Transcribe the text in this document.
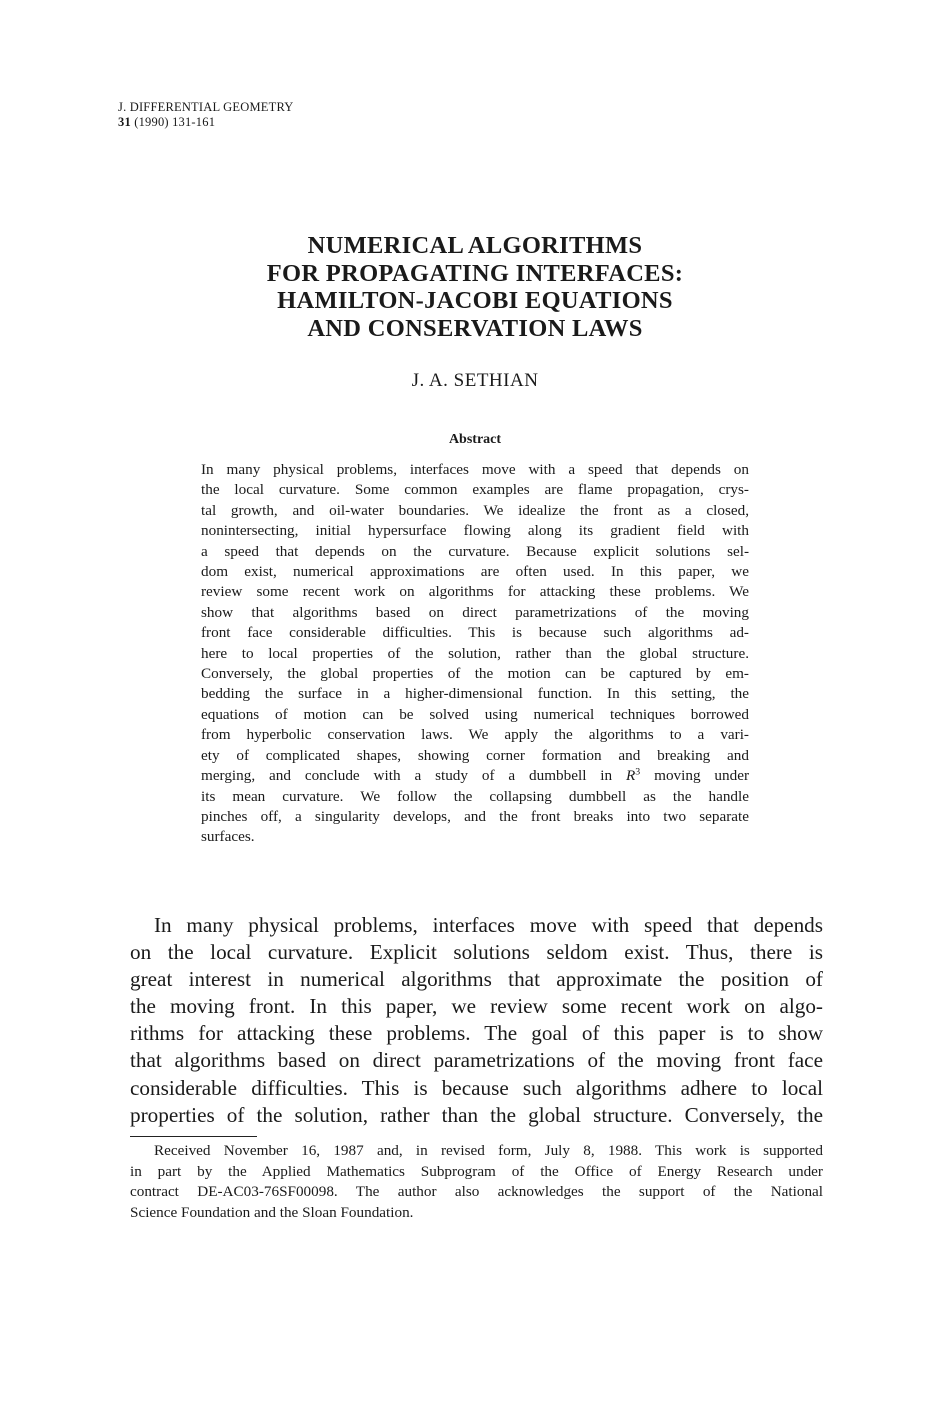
J. DIFFERENTIAL GEOMETRY
31 (1990) 131-161
NUMERICAL ALGORITHMS
FOR PROPAGATING INTERFACES:
HAMILTON-JACOBI EQUATIONS
AND CONSERVATION LAWS
J. A. SETHIAN
Abstract
In many physical problems, interfaces move with a speed that depends on
the local curvature. Some common examples are flame propagation, crys-
tal growth, and oil-water boundaries. We idealize the front as a closed,
nonintersecting, initial hypersurface flowing along its gradient field with
a speed that depends on the curvature. Because explicit solutions sel-
dom exist, numerical approximations are often used. In this paper, we
review some recent work on algorithms for attacking these problems. We
show that algorithms based on direct parametrizations of the moving
front face considerable difficulties. This is because such algorithms ad-
here to local properties of the solution, rather than the global structure.
Conversely, the global properties of the motion can be captured by em-
bedding the surface in a higher-dimensional function. In this setting, the
equations of motion can be solved using numerical techniques borrowed
from hyperbolic conservation laws. We apply the algorithms to a vari-
ety of complicated shapes, showing corner formation and breaking and
merging, and conclude with a study of a dumbbell in $R^3$ moving under
its mean curvature. We follow the collapsing dumbbell as the handle
pinches off, a singularity develops, and the front breaks into two separate
surfaces.
In many physical problems, interfaces move with speed that depends
on the local curvature. Explicit solutions seldom exist. Thus, there is
great interest in numerical algorithms that approximate the position of
the moving front. In this paper, we review some recent work on algo-
rithms for attacking these problems. The goal of this paper is to show
that algorithms based on direct parametrizations of the moving front face
considerable difficulties. This is because such algorithms adhere to local
properties of the solution, rather than the global structure. Conversely, the
Received November 16, 1987 and, in revised form, July 8, 1988. This work is supported
in part by the Applied Mathematics Subprogram of the Office of Energy Research under
contract DE-AC03-76SF00098. The author also acknowledges the support of the National
Science Foundation and the Sloan Foundation.
